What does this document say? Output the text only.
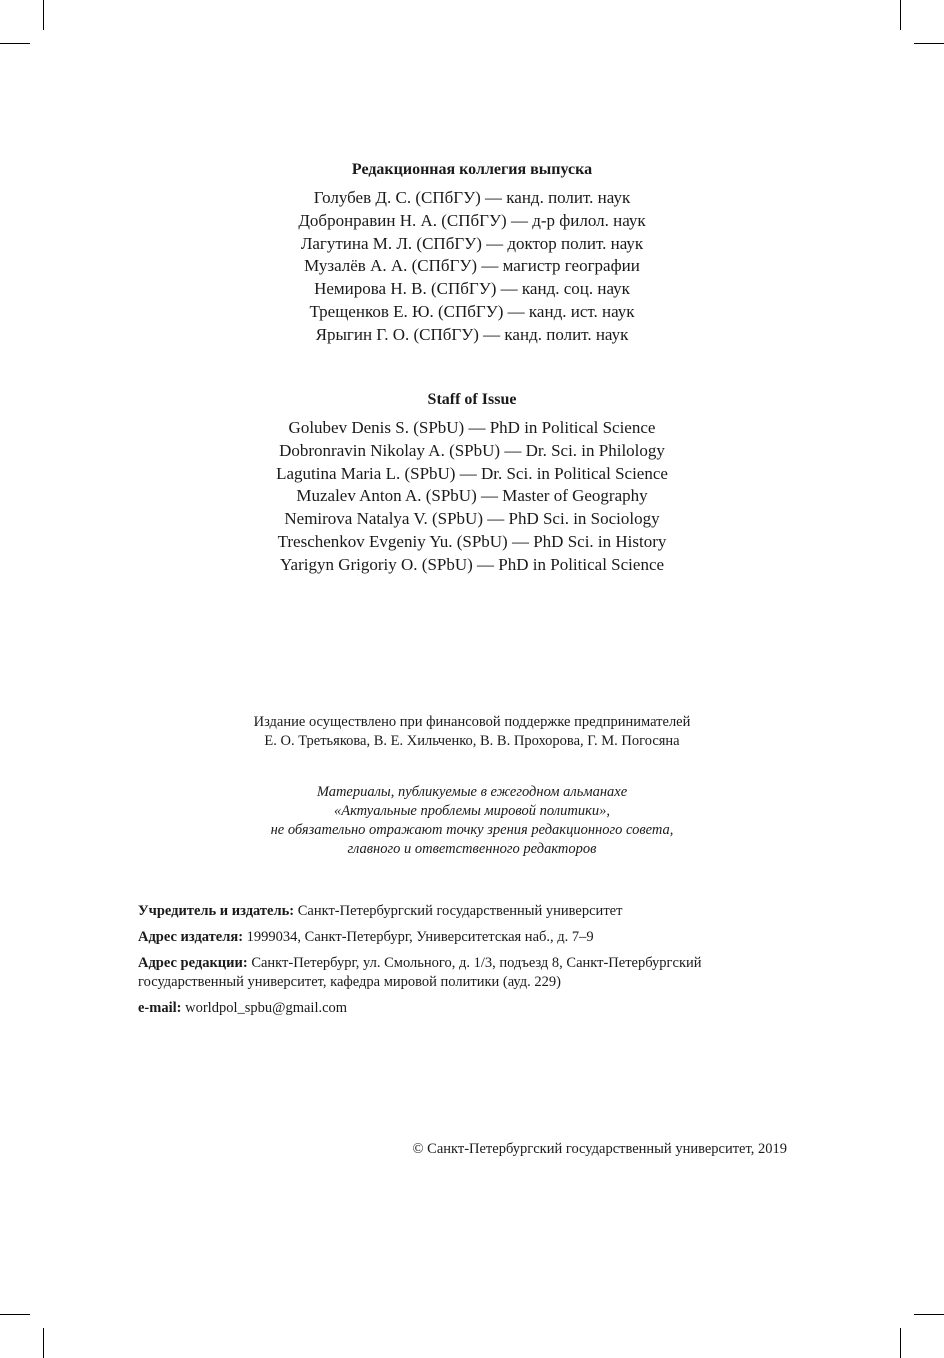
Редакционная коллегия выпуска
Голубев Д. С. (СПбГУ) — канд. полит. наук
Добронравин Н. А. (СПбГУ) — д-р филол. наук
Лагутина М. Л. (СПбГУ) — доктор полит. наук
Музалёв А. А. (СПбГУ) — магистр географии
Немирова Н. В. (СПбГУ) — канд. соц. наук
Трещенков Е. Ю. (СПбГУ) — канд. ист. наук
Ярыгин Г. О. (СПбГУ) — канд. полит. наук
Staff of Issue
Golubev Denis S. (SPbU) — PhD in Political Science
Dobronravin Nikolay A. (SPbU) — Dr. Sci. in Philology
Lagutina Maria L. (SPbU) — Dr. Sci. in Political Science
Muzalev Anton A. (SPbU) — Master of Geography
Nemirova Natalya V. (SPbU) — PhD Sci. in Sociology
Treschenkov Evgeniy Yu. (SPbU) — PhD Sci. in History
Yarigyn Grigoriy O. (SPbU) — PhD in Political Science

Издание осуществлено при финансовой поддержке предпринимателей

Е. О. Третьякова, В. Е. Хильченко, В. В. Прохорова, Г. М. Погосяна

Материалы, публикуемые в ежегодном альманахе

«Актуальные проблемы мировой политики»,

не обязательно отражают точку зрения редакционного совета,

главного и ответственного редакторов

Учредитель и издатель: Санкт-Петербургский государственный университет

Адрес издателя: 1999034, Санкт-Петербург, Университетская наб., д. 7–9

Адрес редакции: Санкт-Петербург, ул. Смольного, д. 1/3, подъезд 8, Санкт-Петербургский государственный университет, кафедра мировой политики (ауд. 229)

e-mail: worldpol_spbu@gmail.com

© Санкт-Петербургский государственный университет, 2019
